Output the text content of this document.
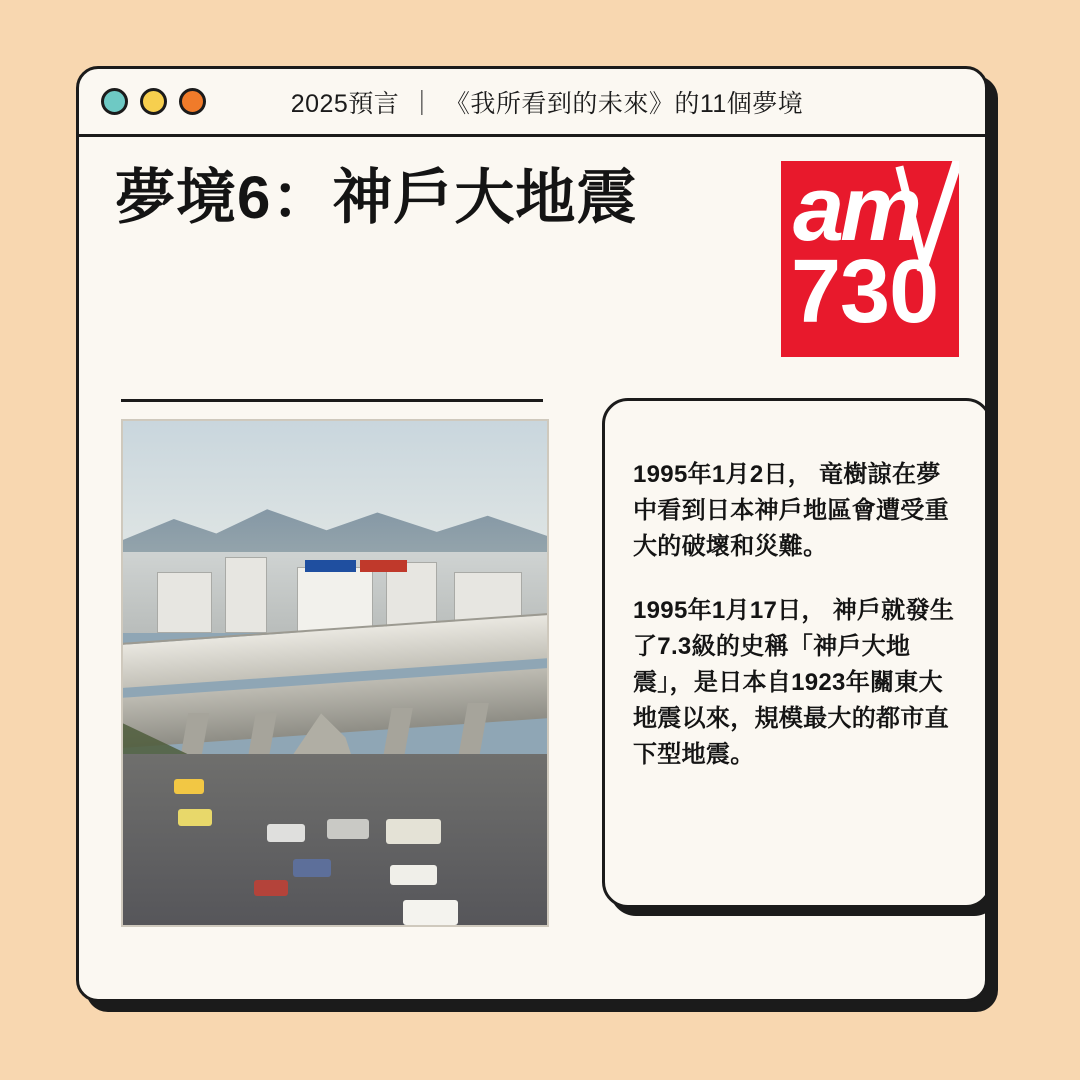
2025預言 ｜ 《我所看到的未來》的11個夢境
夢境6：神戶大地震 am
730

1995年1月2日， 竜樹諒在夢中看到日本神戶地區會遭受重大的破壞和災難。

1995年1月17日， 神戶就發生了7.3級的史稱「神戶大地震」，是日本自1923年關東大地震以來，規模最大的都市直下型地震。
